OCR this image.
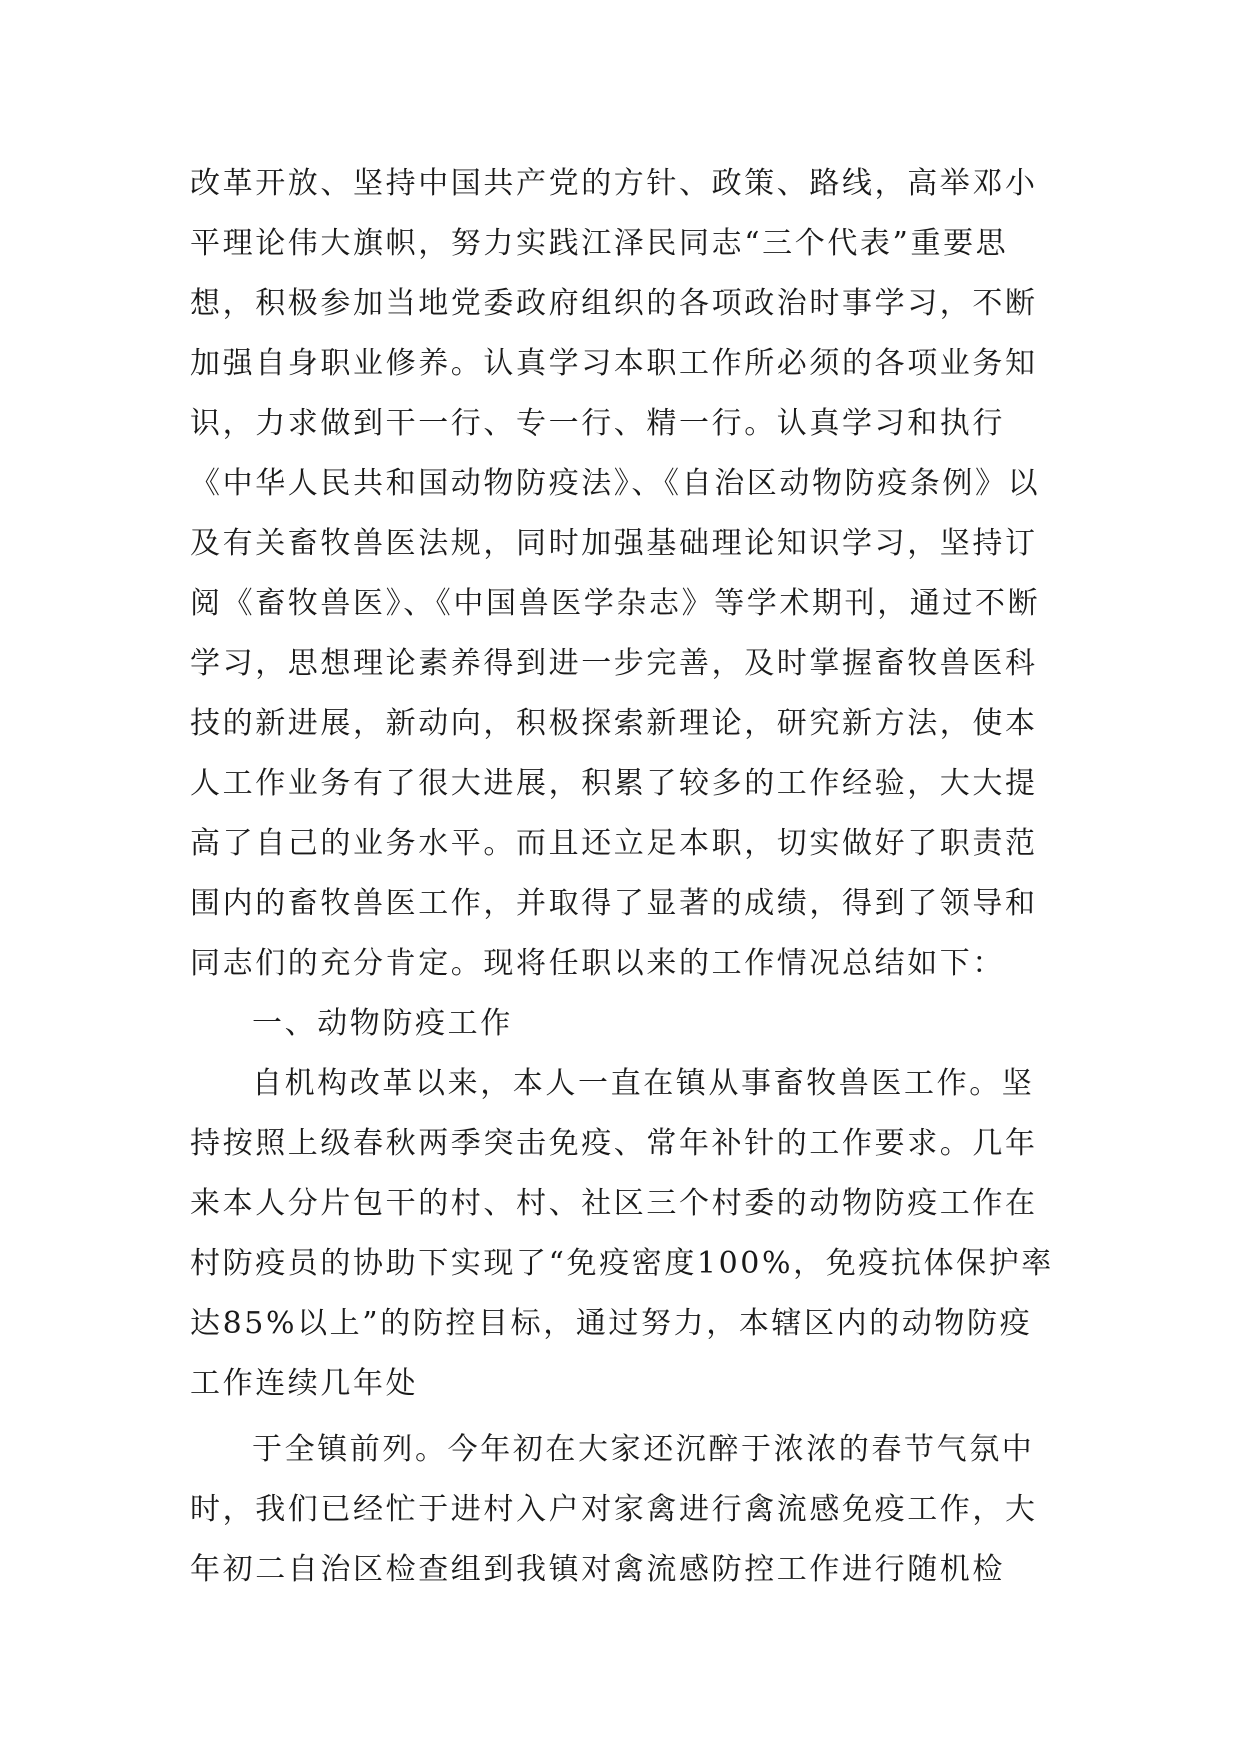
改革开放、坚持中国共产党的方针、政策、路线，高举邓小
平理论伟大旗帜，努力实践江泽民同志“三个代表”重要思
想，积极参加当地党委政府组织的各项政治时事学习，不断
加强自身职业修养。认真学习本职工作所必须的各项业务知
识，力求做到干一行、专一行、精一行。认真学习和执行
《中华人民共和国动物防疫法》、《自治区动物防疫条例》以
及有关畜牧兽医法规，同时加强基础理论知识学习，坚持订
阅《畜牧兽医》、《中国兽医学杂志》等学术期刊，通过不断
学习，思想理论素养得到进一步完善，及时掌握畜牧兽医科
技的新进展，新动向，积极探索新理论，研究新方法，使本
人工作业务有了很大进展，积累了较多的工作经验，大大提
高了自己的业务水平。而且还立足本职，切实做好了职责范
围内的畜牧兽医工作，并取得了显著的成绩，得到了领导和
同志们的充分肯定。现将任职以来的工作情况总结如下：
一、动物防疫工作
自机构改革以来，本人一直在镇从事畜牧兽医工作。坚
持按照上级春秋两季突击免疫、常年补针的工作要求。几年
来本人分片包干的村、村、社区三个村委的动物防疫工作在
村防疫员的协助下实现了“免疫密度100%，免疫抗体保护率
达85%以上”的防控目标，通过努力，本辖区内的动物防疫
工作连续几年处
于全镇前列。今年初在大家还沉醉于浓浓的春节气氛中
时，我们已经忙于进村入户对家禽进行禽流感免疫工作，大
年初二自治区检查组到我镇对禽流感防控工作进行随机检
